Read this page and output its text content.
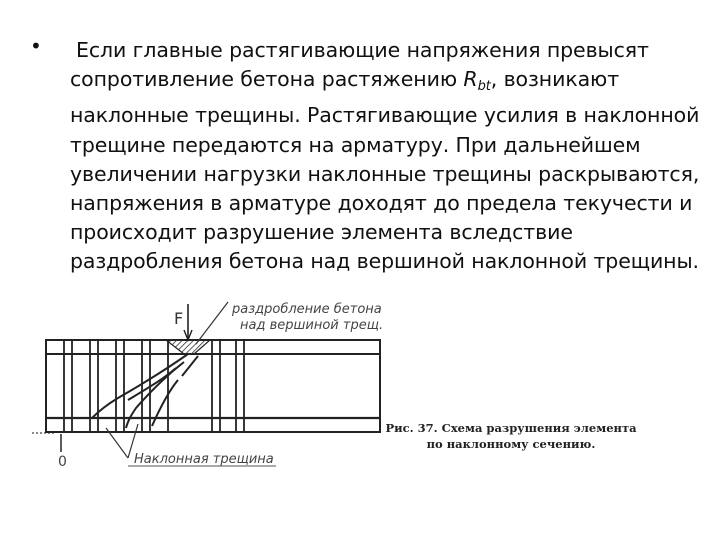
• Если главные растягивающие напряжения превысят
сопротивление бетона растяжению $R_{bt}$, возникают
наклонные трещины. Растягивающие усилия в наклонной
трещине передаются на арматуру. При дальнейшем
увеличении нагрузки наклонные трещины раскрываются,
напряжения в арматуре доходят до предела текучести и
происходит разрушение элемента вследствие
раздробления бетона над вершиной наклонной трещины.
F	раздробление бетона
над вершиной трещ.
Наклонная трещина
0
Рис. 37. Схема разрушения элемента
по наклонному сечению.
